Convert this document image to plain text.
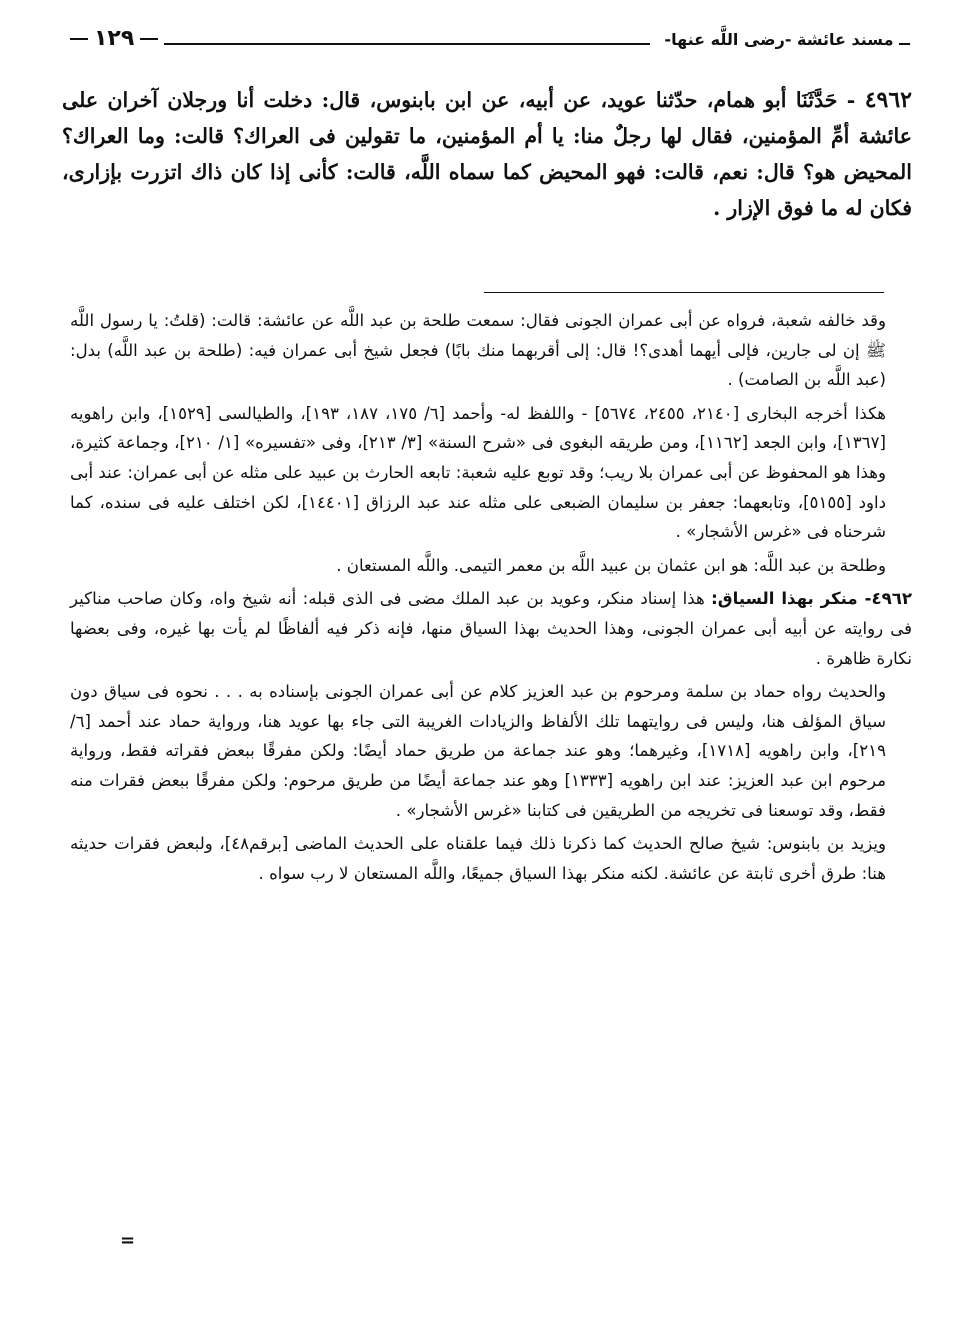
ــ مسند عائشة -رضى اللَّه عنها-
١٢٩
٤٩٦٢ - حَدَّثَنَا أبو همام، حدّثنا عويد، عن أبيه، عن ابن بابنوس، قال: دخلت أنا ورجلان آخران على عائشة أمِّ المؤمنين، فقال لها رجلٌ منا: يا أم المؤمنين، ما تقولين فى العراك؟ قالت: وما العراك؟ المحيض هو؟ قال: نعم، قالت: فهو المحيض كما سماه اللَّه، قالت: كأنى إذا كان ذاك اتزرت بإزارى، فكان له ما فوق الإزار .

وقد خالفه شعبة، فرواه عن أبى عمران الجونى فقال: سمعت طلحة بن عبد اللَّه عن عائشة: قالت: (قلتُ: يا رسول اللَّه ﷺ إن لى جارين، فإلى أيهما أهدى؟! قال: إلى أقربهما منك بابًا) فجعل شيخ أبى عمران فيه: (طلحة بن عبد اللَّه) بدل: (عبد اللَّه بن الصامت) .

هكذا أخرجه البخارى [٢١٤٠، ٢٤٥٥، ٥٦٧٤] - واللفظ له- وأحمد [٦/ ١٧٥، ١٨٧، ١٩٣]، والطيالسى [١٥٢٩]، وابن راهويه [١٣٦٧]، وابن الجعد [١١٦٢]، ومن طريقه البغوى فى «شرح السنة» [٣/ ٢١٣]، وفى «تفسيره» [١/ ٢١٠]، وجماعة كثيرة، وهذا هو المحفوظ عن أبى عمران بلا ريب؛ وقد توبع عليه شعبة: تابعه الحارث بن عبيد على مثله عن أبى عمران: عند أبى داود [٥١٥٥]، وتابعهما: جعفر بن سليمان الضبعى على مثله عند عبد الرزاق [١٤٤٠١]، لكن اختلف عليه فى سنده، كما شرحناه فى «غرس الأشجار» .

وطلحة بن عبد اللَّه: هو ابن عثمان بن عبيد اللَّه بن معمر التيمى. واللَّه المستعان .

٤٩٦٢- منكر بهذا السياق: هذا إسناد منكر، وعويد بن عبد الملك مضى فى الذى قبله: أنه شيخ واه، وكان صاحب مناكير فى روايته عن أبيه أبى عمران الجونى، وهذا الحديث بهذا السياق منها، فإنه ذكر فيه ألفاظًا لم يأت بها غيره، وفى بعضها نكارة ظاهرة .

والحديث رواه حماد بن سلمة ومرحوم بن عبد العزيز كلام عن أبى عمران الجونى بإسناده به . . . نحوه فى سياق دون سياق المؤلف هنا، وليس فى روايتهما تلك الألفاظ والزيادات الغريبة التى جاء بها عويد هنا، ورواية حماد عند أحمد [٦/ ٢١٩]، وابن راهويه [١٧١٨]، وغيرهما؛ وهو عند جماعة من طريق حماد أيضًا: ولكن مفرقًا ببعض فقراته فقط، ورواية مرحوم ابن عبد العزيز: عند ابن راهويه [١٣٣٣] وهو عند جماعة أيضًا من طريق مرحوم: ولكن مفرقًا ببعض فقرات منه فقط، وقد توسعنا فى تخريجه من الطريقين فى كتابنا «غرس الأشجار» .

ويزيد بن بابنوس: شيخ صالح الحديث كما ذكرنا ذلك فيما علقناه على الحديث الماضى [برقم٤٨]، ولبعض فقرات حديثه هنا: طرق أخرى ثابتة عن عائشة. لكنه منكر بهذا السياق جميعًا، واللَّه المستعان لا رب سواه .

=
